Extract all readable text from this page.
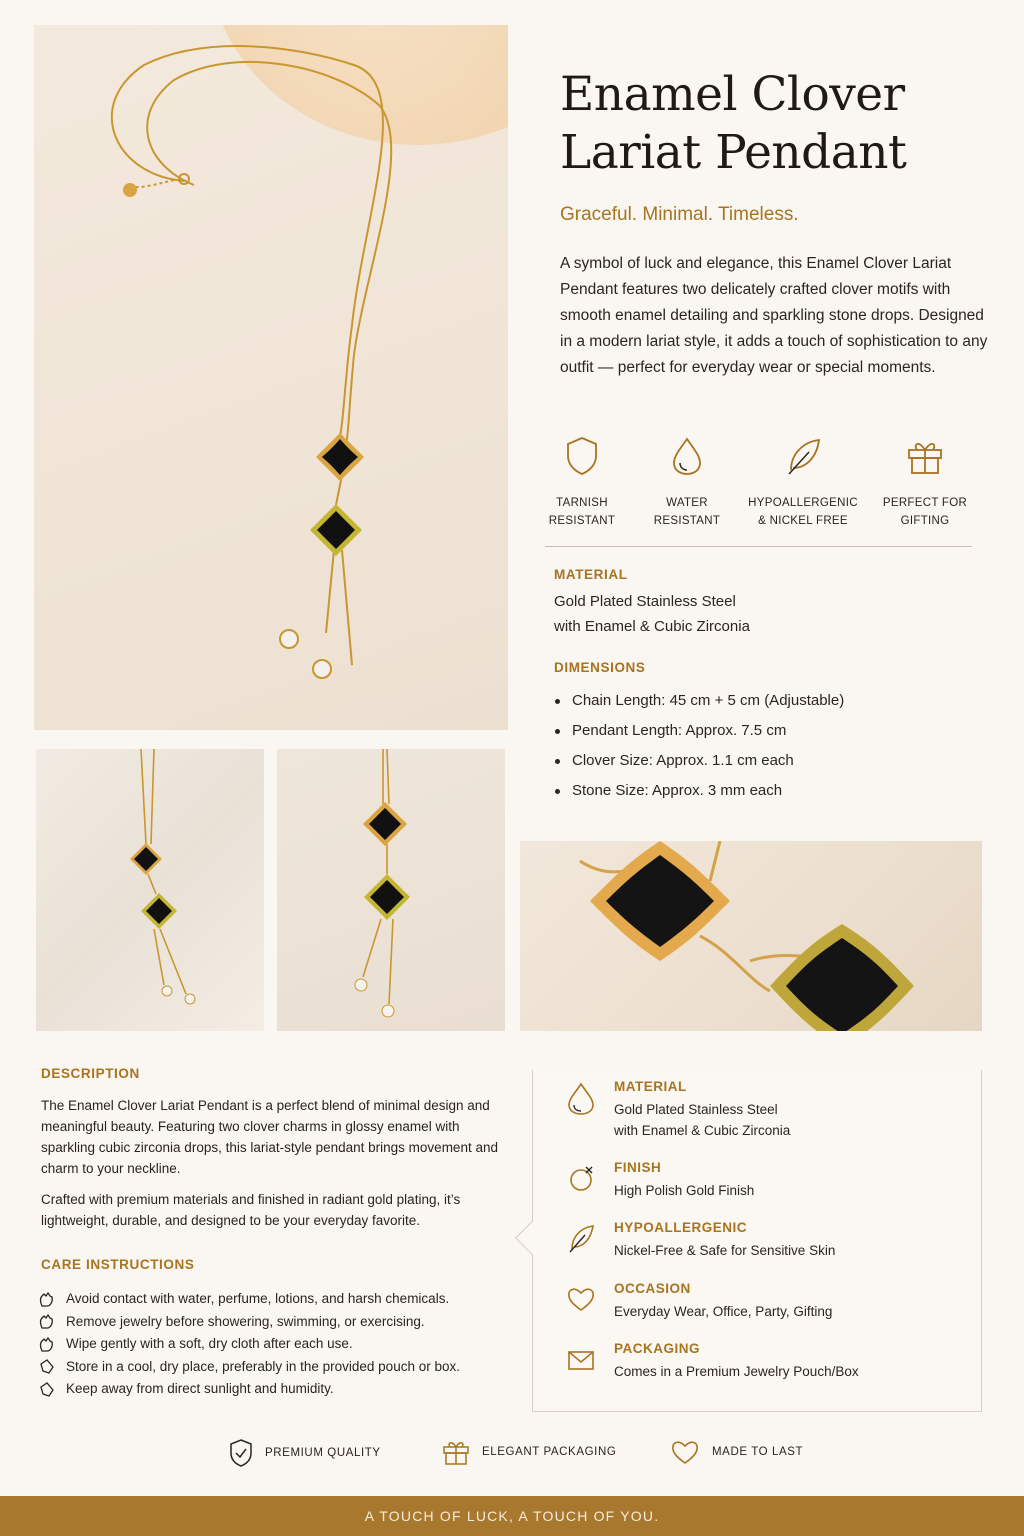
Enamel Clover
Lariat Pendant
Graceful. Minimal. Timeless.

A symbol of luck and elegance, this Enamel Clover Lariat Pendant features two delicately crafted clover motifs with smooth enamel detailing and sparkling stone drops. Designed in a modern lariat style, it adds a touch of sophistication to any outfit — perfect for everyday wear or special moments.

TARNISH
RESISTANT
WATER
RESISTANT
HYPOALLERGENIC
& NICKEL FREE
PERFECT FOR
GIFTING
MATERIAL
Gold Plated Stainless Steel
with Enamel & Cubic Zirconia
DIMENSIONS
Chain Length: 45 cm + 5 cm (Adjustable)
Pendant Length: Approx. 7.5 cm
Clover Size: Approx. 1.1 cm each
Stone Size: Approx. 3 mm each
DESCRIPTION

The Enamel Clover Lariat Pendant is a perfect blend of minimal design and meaningful beauty. Featuring two clover charms in glossy enamel with sparkling cubic zirconia drops, this lariat-style pendant brings movement and charm to your neckline.

Crafted with premium materials and finished in radiant gold plating, it’s lightweight, durable, and designed to be your everyday favorite.

CARE INSTRUCTIONS
Avoid contact with water, perfume, lotions, and harsh chemicals.
Remove jewelry before showering, swimming, or exercising.
Wipe gently with a soft, dry cloth after each use.
Store in a cool, dry place, preferably in the provided pouch or box.
Keep away from direct sunlight and humidity.
MATERIAL
Gold Plated Stainless Steel
with Enamel & Cubic Zirconia
FINISH
High Polish Gold Finish
HYPOALLERGENIC
Nickel-Free & Safe for Sensitive Skin
OCCASION
Everyday Wear, Office, Party, Gifting
PACKAGING
Comes in a Premium Jewelry Pouch/Box
PREMIUM QUALITY	ELEGANT PACKAGING	MADE TO LAST
A TOUCH OF LUCK, A TOUCH OF YOU.
